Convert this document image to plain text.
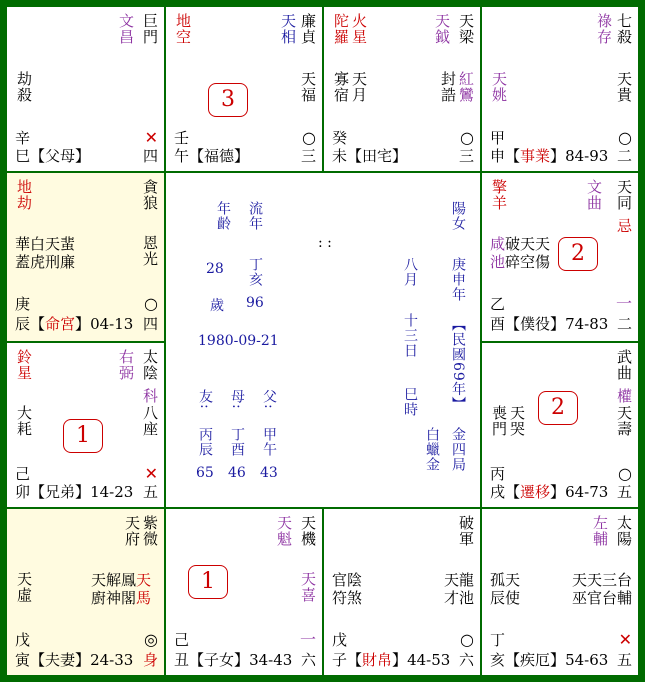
巨門
文昌
劫殺
辛	✕
巳【父母】	四
廉貞
天相
地空
天福
3
壬	○
午【福德】	三
天梁
天鉞
陀羅 火星
寡宿 天月	封誥 紅鸞
癸	○
未【田宅】	三
七殺
祿存
天貴
天姚
甲	○
申【事業】84-93 二
貪狼
地劫
華白天蜚
蓋虎刑廉	恩光
庚	○
辰【命宮】04-13 四
天同
忌
文曲
擎羊
咸破天天
池碎空傷 2
乙	一
酉【僕役】74-83 二
太陰
科
右弼
鈴星
大耗	八座
1
己	✕
卯【兄弟】14-23 五
武曲
權
天壽
喪門 天哭	2
丙	○
戌【遷移】64-73 五
紫微
天府
天虛	天解鳳天
廚神閣馬
戊	◎
寅【夫妻】24-33 身
天機
天魁
天喜
1
己	一
丑【子女】34-43 六
破軍
官陰
符煞
天龍
才池
戊	○
子【財帛】44-53 六
太陽
左輔
孤天
辰使
天天三台
巫官台輔
丁	✕
亥【疾厄】54-63 五
年齡 流年
28 丁亥
歲 96
1980-09-21
: :
友: 母: 父:
丙辰 丁酉 甲午
65 46 43
陽女
庚申年
【民國69年】
金四局
白蠟金
八月
十三日
巳時
